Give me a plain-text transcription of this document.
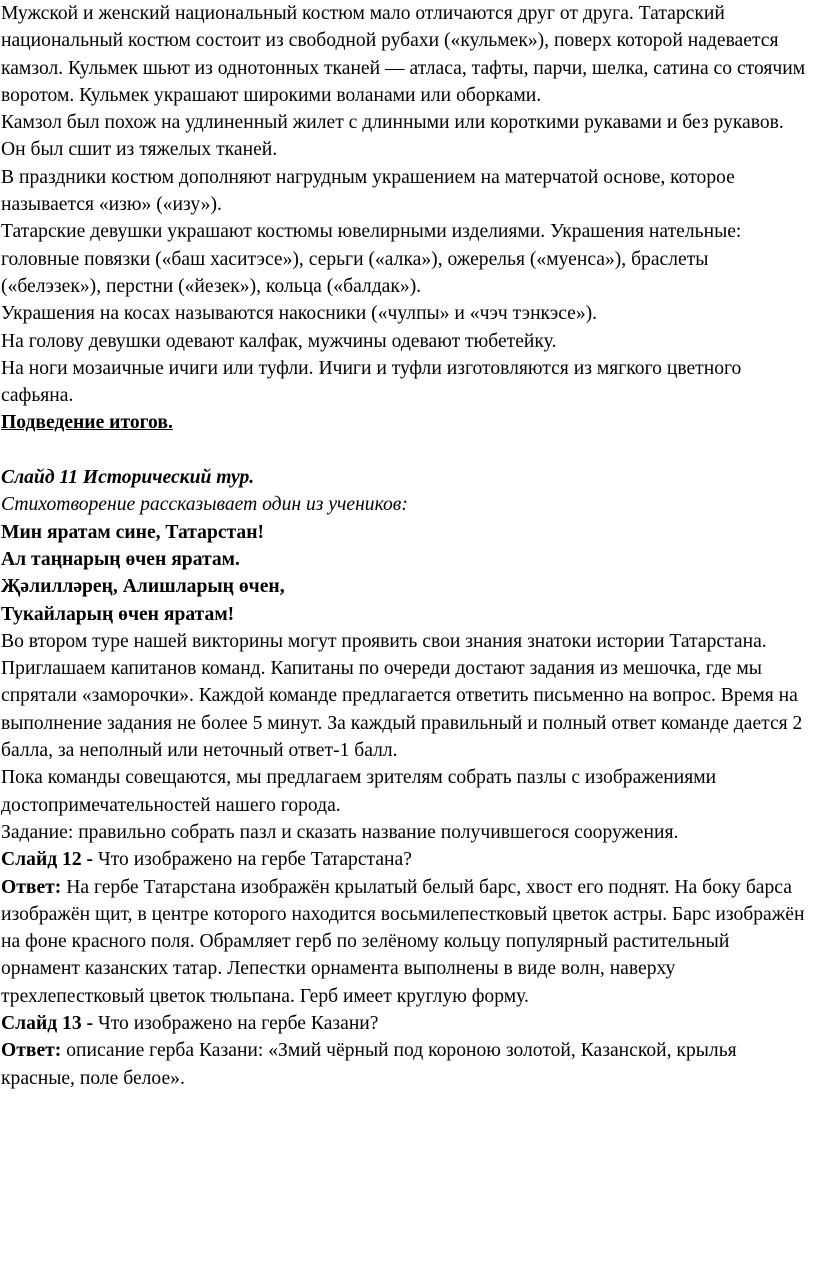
Мужской и женский национальный костюм мало отличаются друг от друга. Татарский национальный костюм состоит из свободной рубахи («кульмек»), поверх которой надевается камзол. Кульмек шьют из однотонных тканей — атласа, тафты, парчи, шелка, сатина со стоячим воротом. Кульмек украшают широкими воланами или оборками.

Камзол был похож на удлиненный жилет с длинными или короткими рукавами и без рукавов. Он был сшит из тяжелых тканей.

В праздники костюм дополняют нагрудным украшением на матерчатой основе, которое называется «изю» («изу»).

Татарские девушки украшают костюмы ювелирными изделиями. Украшения нательные: головные повязки («баш хаситэсе»), серьги («алка»), ожерелья («муенса»), браслеты («белэзек»), перстни («йезек»), кольца («балдак»).

Украшения на косах называются накосники («чулпы» и «чэч тэнкэсе»).

На голову девушки одевают калфак, мужчины одевают тюбетейку.

На ноги мозаичные ичиги или туфли. Ичиги и туфли изготовляются из мягкого цветного сафьяна.

Подведение итогов.

Слайд 11 Исторический тур.

Стихотворение рассказывает один из учеников:

Мин яратам сине, Татарстан!

Ал таңнарың өчен яратам.

Җәлилләрең, Алишларың өчен,

Тукайларың өчен яратам!

Во втором туре нашей викторины могут проявить свои знания знатоки истории Татарстана. Приглашаем капитанов команд. Капитаны по очереди достают задания из мешочка, где мы спрятали «заморочки». Каждой команде предлагается ответить письменно на вопрос. Время на выполнение задания не более 5 минут. За каждый правильный и полный ответ команде дается 2 балла, за неполный или неточный ответ-1 балл.

Пока команды совещаются, мы предлагаем зрителям собрать пазлы с изображениями достопримечательностей нашего города.

Задание: правильно собрать пазл и сказать название получившегося сооружения.

Слайд 12 - Что изображено на гербе Татарстана?

Ответ: На гербе Татарстана изображён крылатый белый барс, хвост его поднят. На боку барса изображён щит, в центре которого находится восьмилепестковый цветок астры. Барс изображён на фоне красного поля. Обрамляет герб по зелёному кольцу популярный растительный орнамент казанских татар. Лепестки орнамента выполнены в виде волн, наверху трехлепестковый цветок тюльпана. Герб имеет круглую форму.

Слайд 13 - Что изображено на гербе Казани?

Ответ: описание герба Казани: «Змий чёрный под короною золотой, Казанской, крылья красные, поле белое».
